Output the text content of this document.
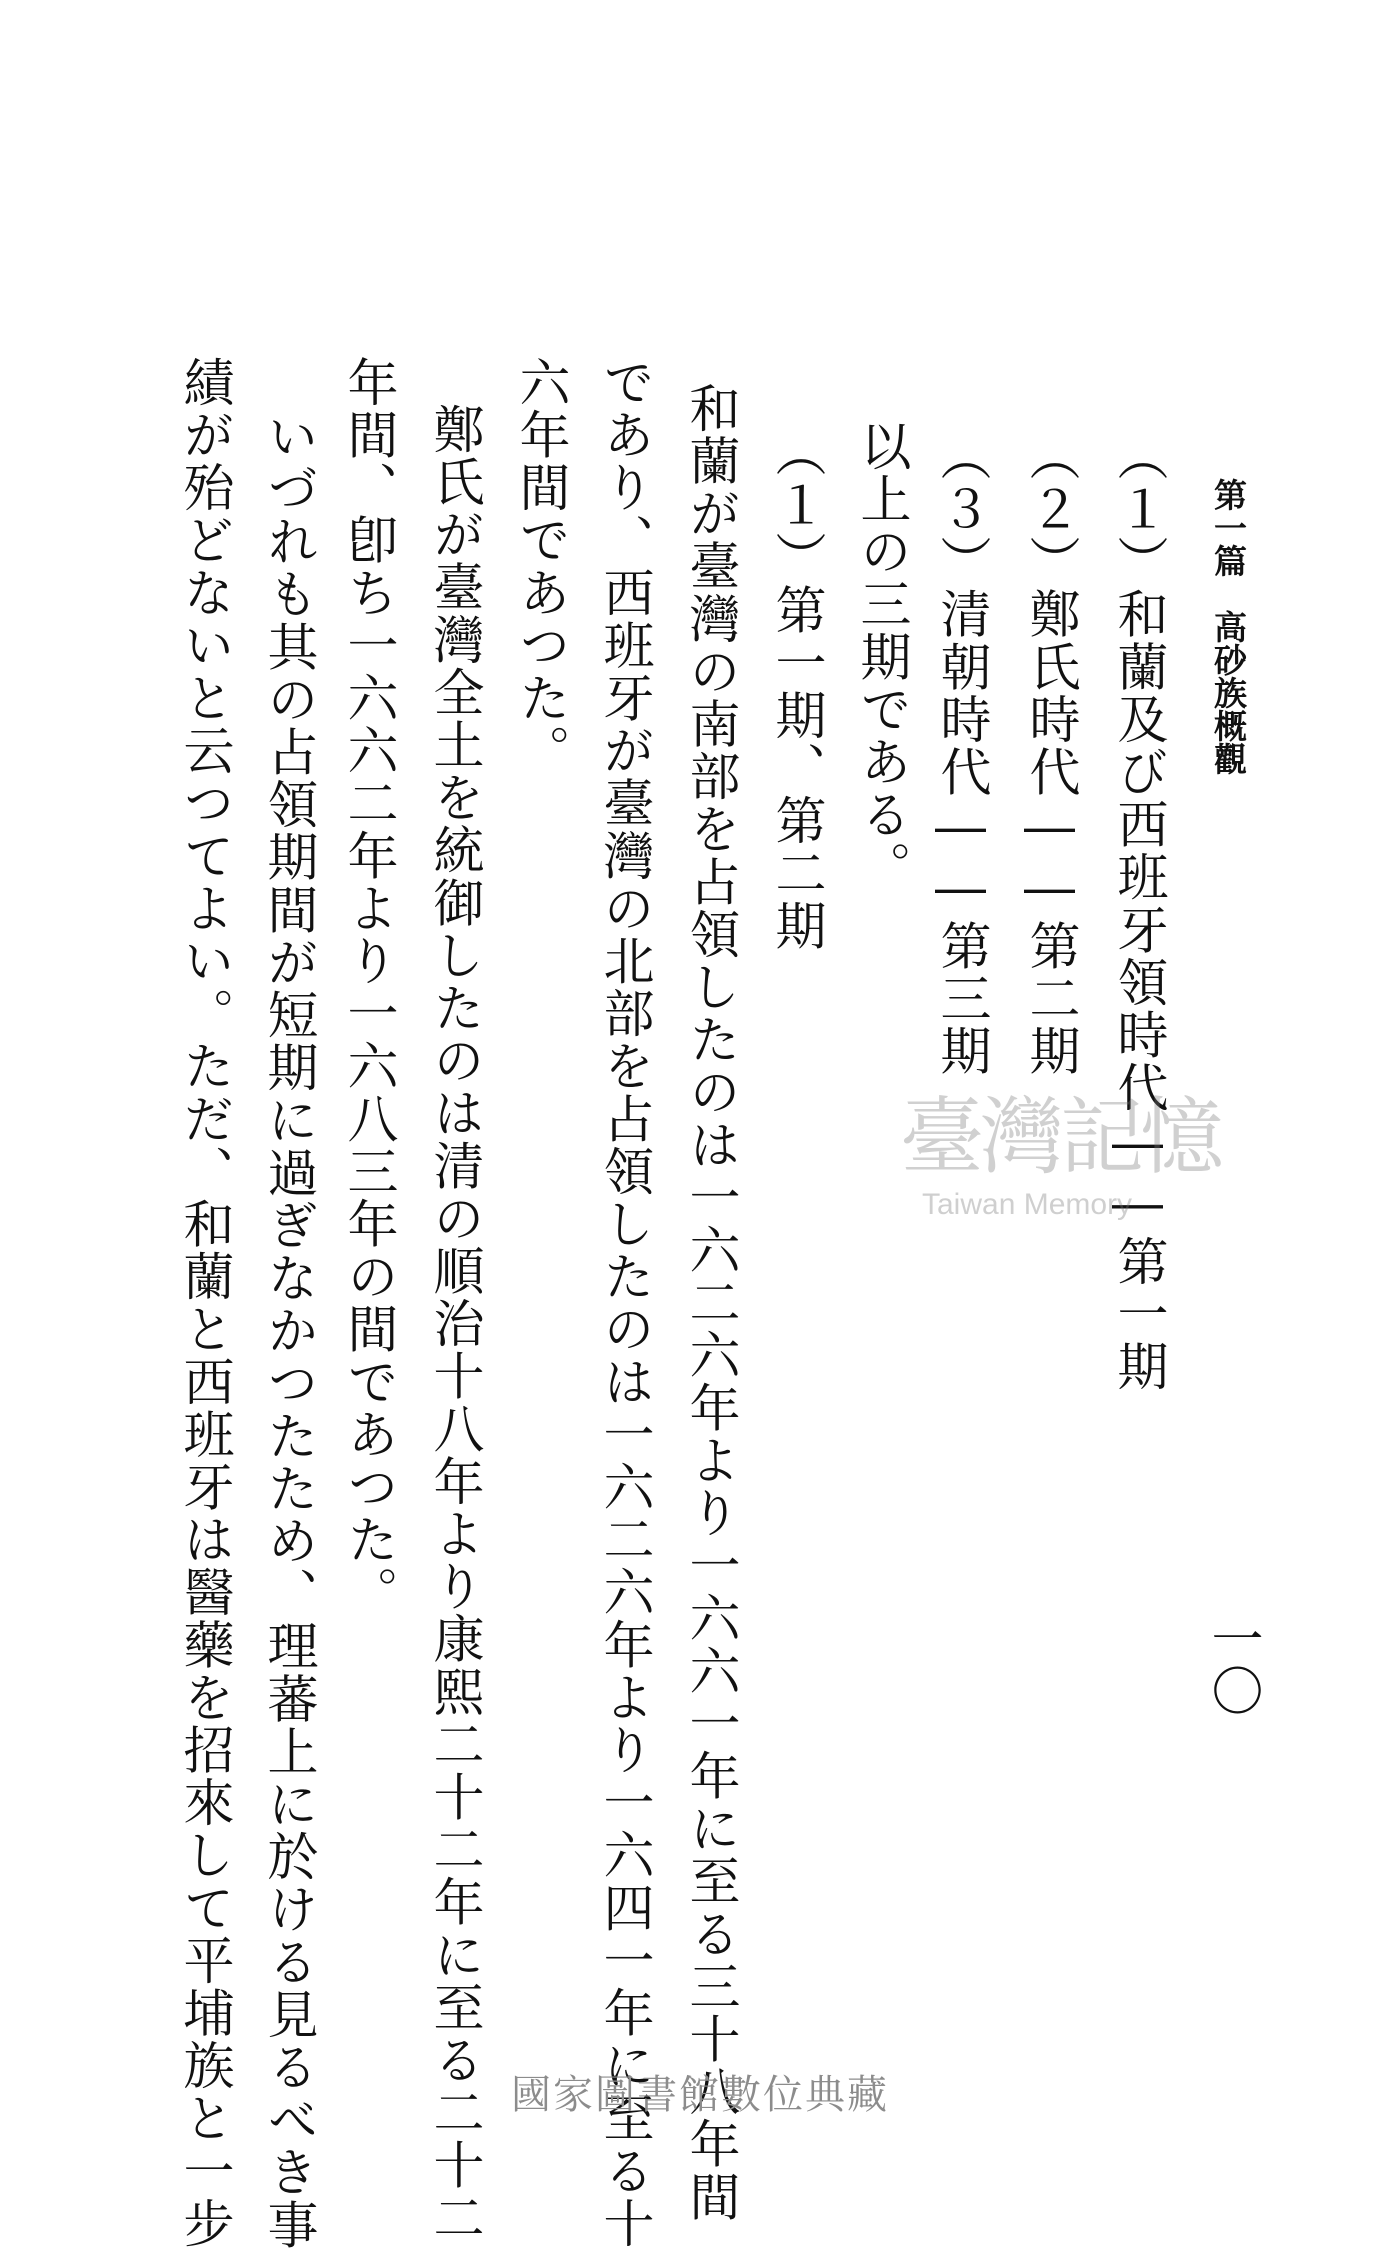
第一篇　高砂族概觀
一〇
（１）和蘭及び西班牙領時代――第一期
（２）鄭氏時代――第二期
（３）清朝時代――第三期
以上の三期である。
（１）第一期、第二期
和蘭が臺灣の南部を占領したのは一六二六年より一六六一年に至る三十八年間
であり、西班牙が臺灣の北部を占領したのは一六二六年より一六四一年に至る十
六年間であつた。
鄭氏が臺灣全土を統御したのは清の順治十八年より康熙二十二年に至る二十二
年間、卽ち一六六二年より一六八三年の間であつた。
いづれも其の占領期間が短期に過ぎなかつたため、理蕃上に於ける見るべき事
績が殆どないと云つてよい。ただ、和蘭と西班牙は醫藥を招來して平埔族と一步	臺灣記憶
Taiwan Memory
國家圖書館數位典藏
